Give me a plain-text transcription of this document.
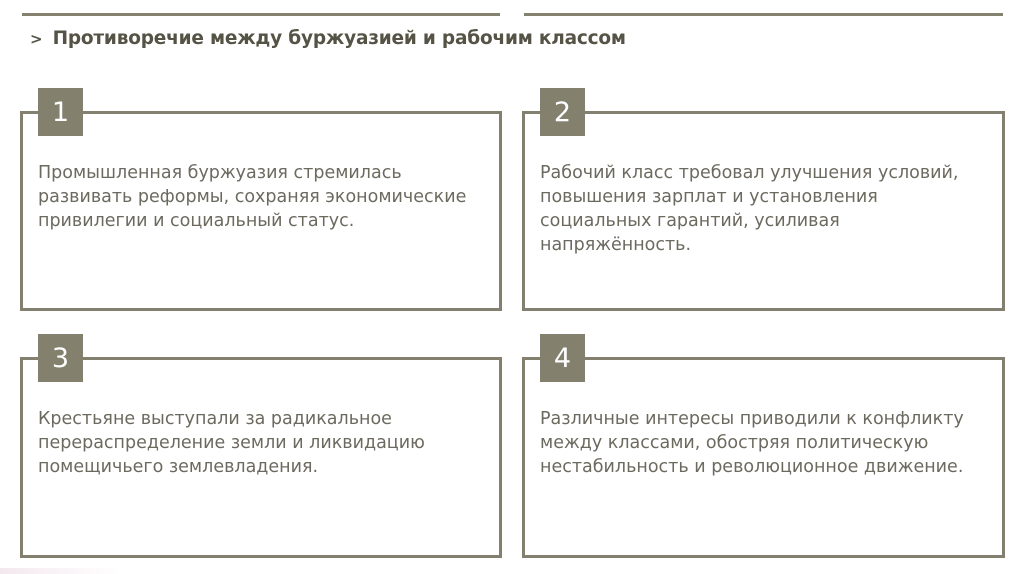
> Противоречие между буржуазией и рабочим классом
1
Промышленная буржуазия стремилась развивать реформы, сохраняя экономические привилегии и социальный статус.
2
Рабочий класс требовал улучшения условий, повышения зарплат и установления социальных гарантий, усиливая напряжённость.
3
Крестьяне выступали за радикальное перераспределение земли и ликвидацию помещичьего землевладения.
4
Различные интересы приводили к конфликту между классами, обостряя политическую нестабильность и революционное движение.
